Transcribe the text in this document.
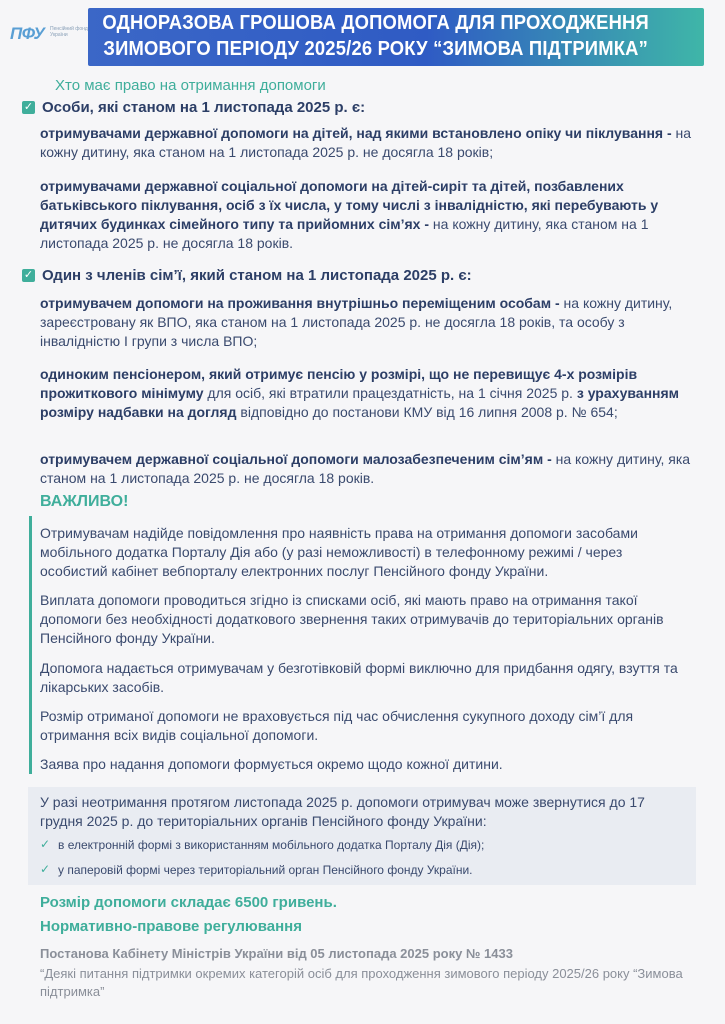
ПФУ Пенсійний фонд України
ОДНОРАЗОВА ГРОШОВА ДОПОМОГА ДЛЯ ПРОХОДЖЕННЯ
ЗИМОВОГО ПЕРІОДУ 2025/26 РОКУ “ЗИМОВА ПІДТРИМКА”
Хто має право на отримання допомоги
✓ Особи, які станом на 1 листопада 2025 р. є:
отримувачами державної допомоги на дітей, над якими встановлено опіку чи піклування - на кожну дитину, яка станом на 1 листопада 2025 р. не досягла 18 років;
отримувачами державної соціальної допомоги на дітей-сиріт та дітей, позбавлених батьківського піклування, осіб з їх числа, у тому числі з інвалідністю, які перебувають у дитячих будинках сімейного типу та прийомних сім’ях - на кожну дитину, яка станом на 1 листопада 2025 р. не досягла 18 років.
✓ Один з членів сім’ї, який станом на 1 листопада 2025 р. є:
отримувачем допомоги на проживання внутрішньо переміщеним особам - на кожну дитину, зареєстровану як ВПО, яка станом на 1 листопада 2025 р. не досягла 18 років, та особу з інвалідністю I групи з числа ВПО;
одиноким пенсіонером, який отримує пенсію у розмірі, що не перевищує 4-х розмірів прожиткового мінімуму для осіб, які втратили працездатність, на 1 січня 2025 р. з урахуванням розміру надбавки на догляд відповідно до постанови КМУ від 16 липня 2008 р. № 654;
отримувачем державної соціальної допомоги малозабезпеченим сім’ям - на кожну дитину, яка станом на 1 листопада 2025 р. не досягла 18 років.
ВАЖЛИВО!
Отримувачам надійде повідомлення про наявність права на отримання допомоги засобами мобільного додатка Порталу Дія або (у разі неможливості) в телефонному режимі / через особистий кабінет вебпорталу електронних послуг Пенсійного фонду України.
Виплата допомоги проводиться згідно із списками осіб, які мають право на отримання такої допомоги без необхідності додаткового звернення таких отримувачів до територіальних органів Пенсійного фонду України.
Допомога надається отримувачам у безготівковій формі виключно для придбання одягу, взуття та лікарських засобів.
Розмір отриманої допомоги не враховується під час обчислення сукупного доходу сім’ї для отримання всіх видів соціальної допомоги.
Заява про надання допомоги формується окремо щодо кожної дитини.
У разі неотримання протягом листопада 2025 р. допомоги отримувач може звернутися до 17 грудня 2025 р. до територіальних органів Пенсійного фонду України:
✓ в електронній формі з використанням мобільного додатка Порталу Дія (Дія);
✓ у паперовій формі через територіальний орган Пенсійного фонду України.
Розмір допомоги складає 6500 гривень.
Нормативно-правове регулювання
Постанова Кабінету Міністрів України від 05 листопада 2025 року № 1433
“Деякі питання підтримки окремих категорій осіб для проходження зимового періоду 2025/26 року “Зимова підтримка”
